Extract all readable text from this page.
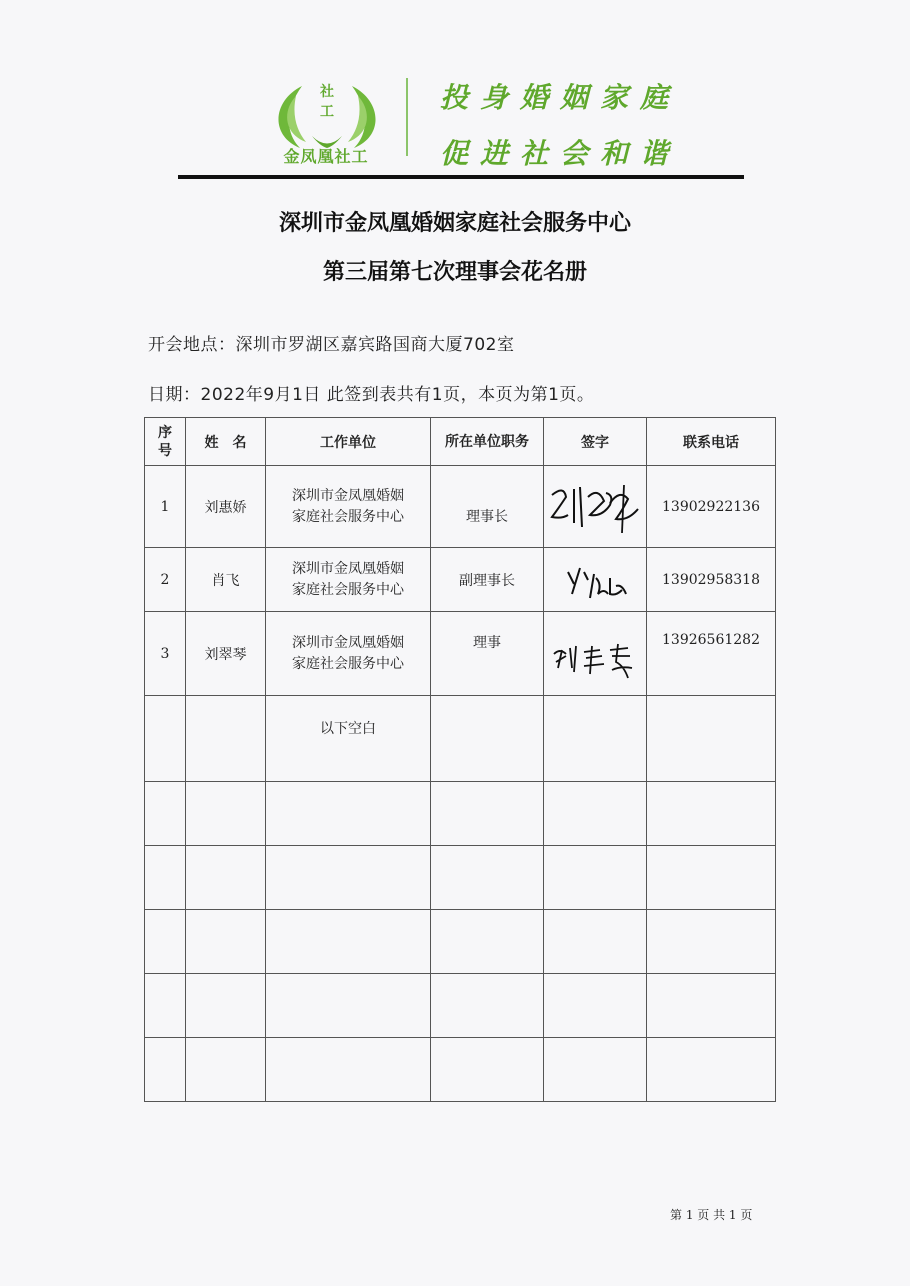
社
工
金凤凰社工
投身婚姻家庭
促进社会和谐
深圳市金凤凰婚姻家庭社会服务中心
第三届第七次理事会花名册
开会地点：深圳市罗湖区嘉宾路国商大厦702室
日期：2022年9月1日 此签到表共有1页，本页为第1页。
序号	姓　名	工作单位	所在单位职务	签字	联系电话
1	刘惠娇	深圳市金凤凰婚姻
家庭社会服务中心	理事长		13902922136
2	肖飞	深圳市金凤凰婚姻
家庭社会服务中心	副理事长		13902958318
3	刘翠琴	深圳市金凤凰婚姻
家庭社会服务中心	理事		13926561282
		以下空白			

第 1 页 共 1 页
